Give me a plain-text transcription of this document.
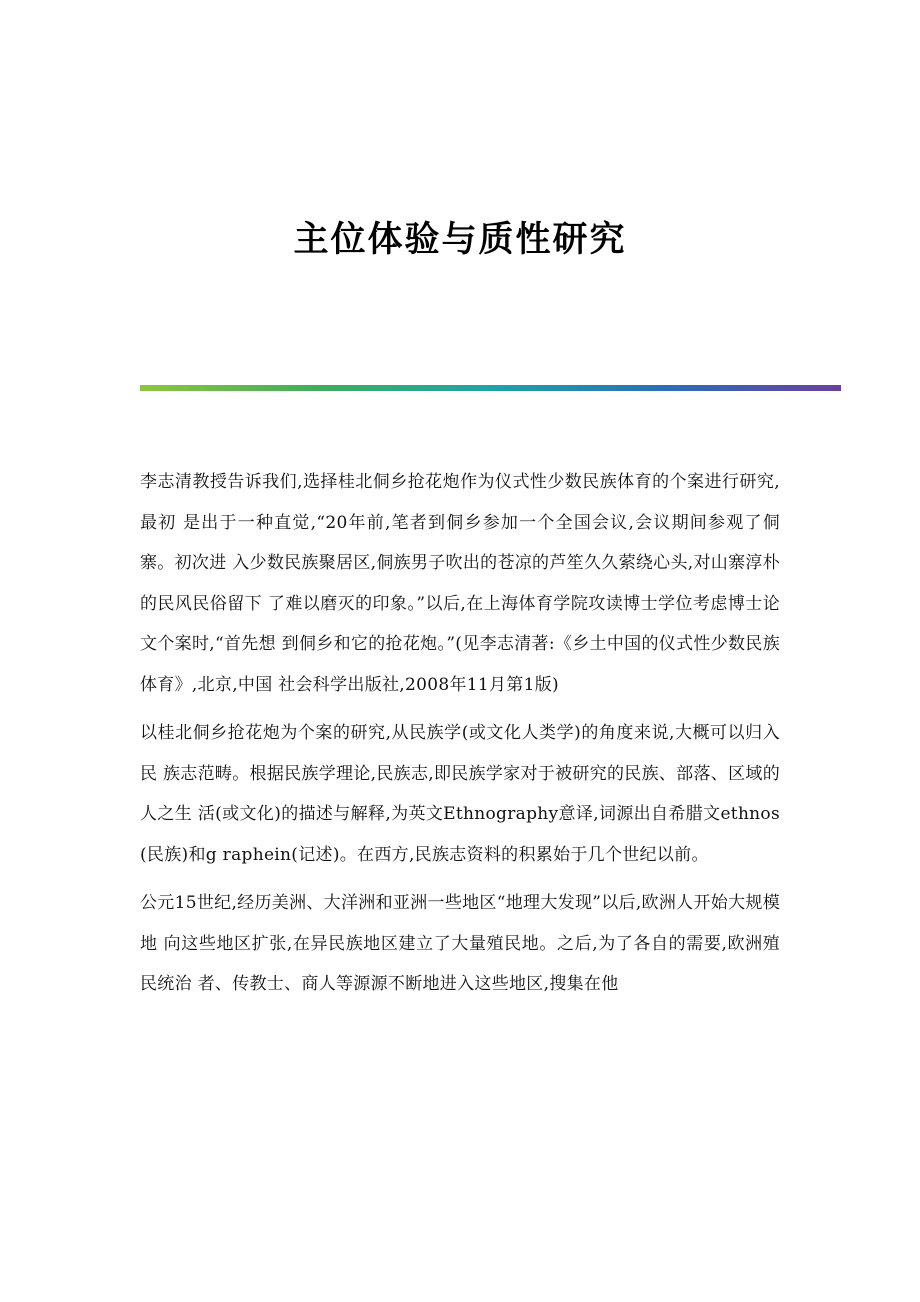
主位体验与质性研究

李志清教授告诉我们,选择桂北侗乡抢花炮作为仪式性少数民族体育的个案进行研究,最初 是出于一种直觉,“20年前,笔者到侗乡参加一个全国会议,会议期间参观了侗寨。初次进 入少数民族聚居区,侗族男子吹出的苍凉的芦笙久久萦绕心头,对山寨淳朴的民风民俗留下 了难以磨灭的印象。”以后,在上海体育学院攻读博士学位考虑博士论文个案时,“首先想 到侗乡和它的抢花炮。”(见李志清著:《乡土中国的仪式性少数民族体育》,北京,中国 社会科学出版社,2008年11月第1版)

以桂北侗乡抢花炮为个案的研究,从民族学(或文化人类学)的角度来说,大概可以归入民 族志范畴。根据民族学理论,民族志,即民族学家对于被研究的民族、部落、区域的人之生 活(或文化)的描述与解释,为英文Ethnography意译,词源出自希腊文ethnos(民族)和g raphein(记述)。在西方,民族志资料的积累始于几个世纪以前。

公元15世纪,经历美洲、大洋洲和亚洲一些地区“地理大发现”以后,欧洲人开始大规模地 向这些地区扩张,在异民族地区建立了大量殖民地。之后,为了各自的需要,欧洲殖民统治 者、传教士、商人等源源不断地进入这些地区,搜集在他
